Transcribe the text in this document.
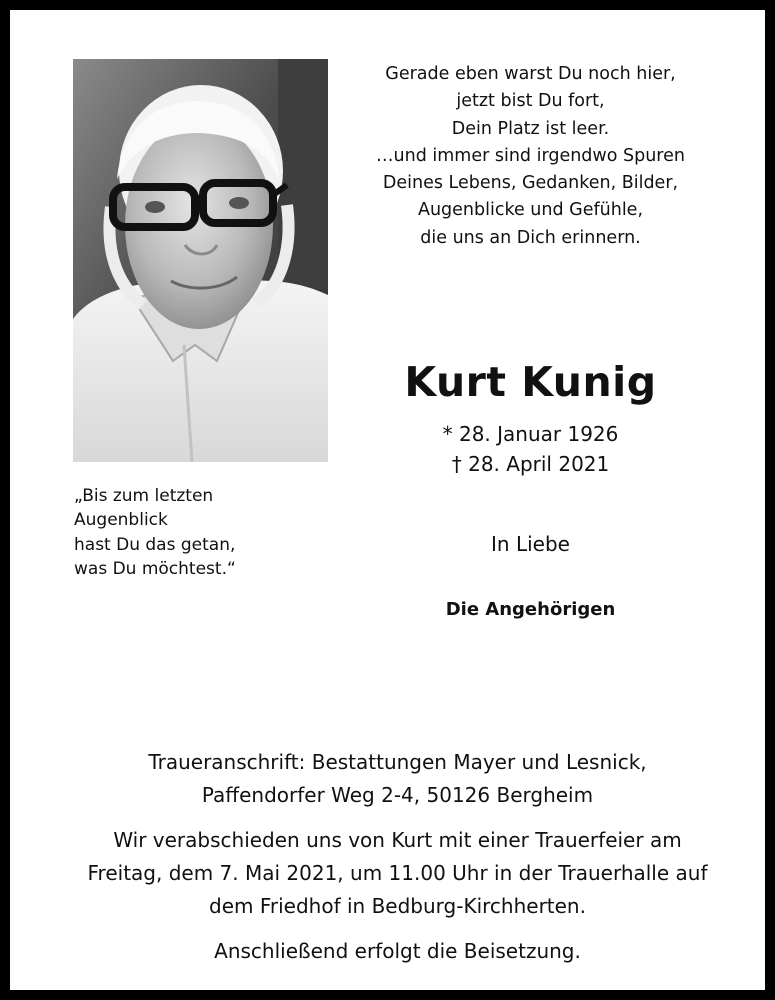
Gerade eben warst Du noch hier,
jetzt bist Du fort,
Dein Platz ist leer.
…und immer sind irgendwo Spuren
Deines Lebens, Gedanken, Bilder,
Augenblicke und Gefühle,
die uns an Dich erinnern.
Kurt Kunig
* 28. Januar 1926
† 28. April 2021
„Bis zum letzten
Augenblick
hast Du das getan,
was Du möchtest.“
In Liebe
Die Angehörigen
Traueranschrift: Bestattungen Mayer und Lesnick,
Paffendorfer Weg 2-4, 50126 Bergheim
Wir verabschieden uns von Kurt mit einer Trauerfeier am
Freitag, dem 7. Mai 2021, um 11.00 Uhr in der Trauerhalle auf
dem Friedhof in Bedburg-Kirchherten.
Anschließend erfolgt die Beisetzung.
